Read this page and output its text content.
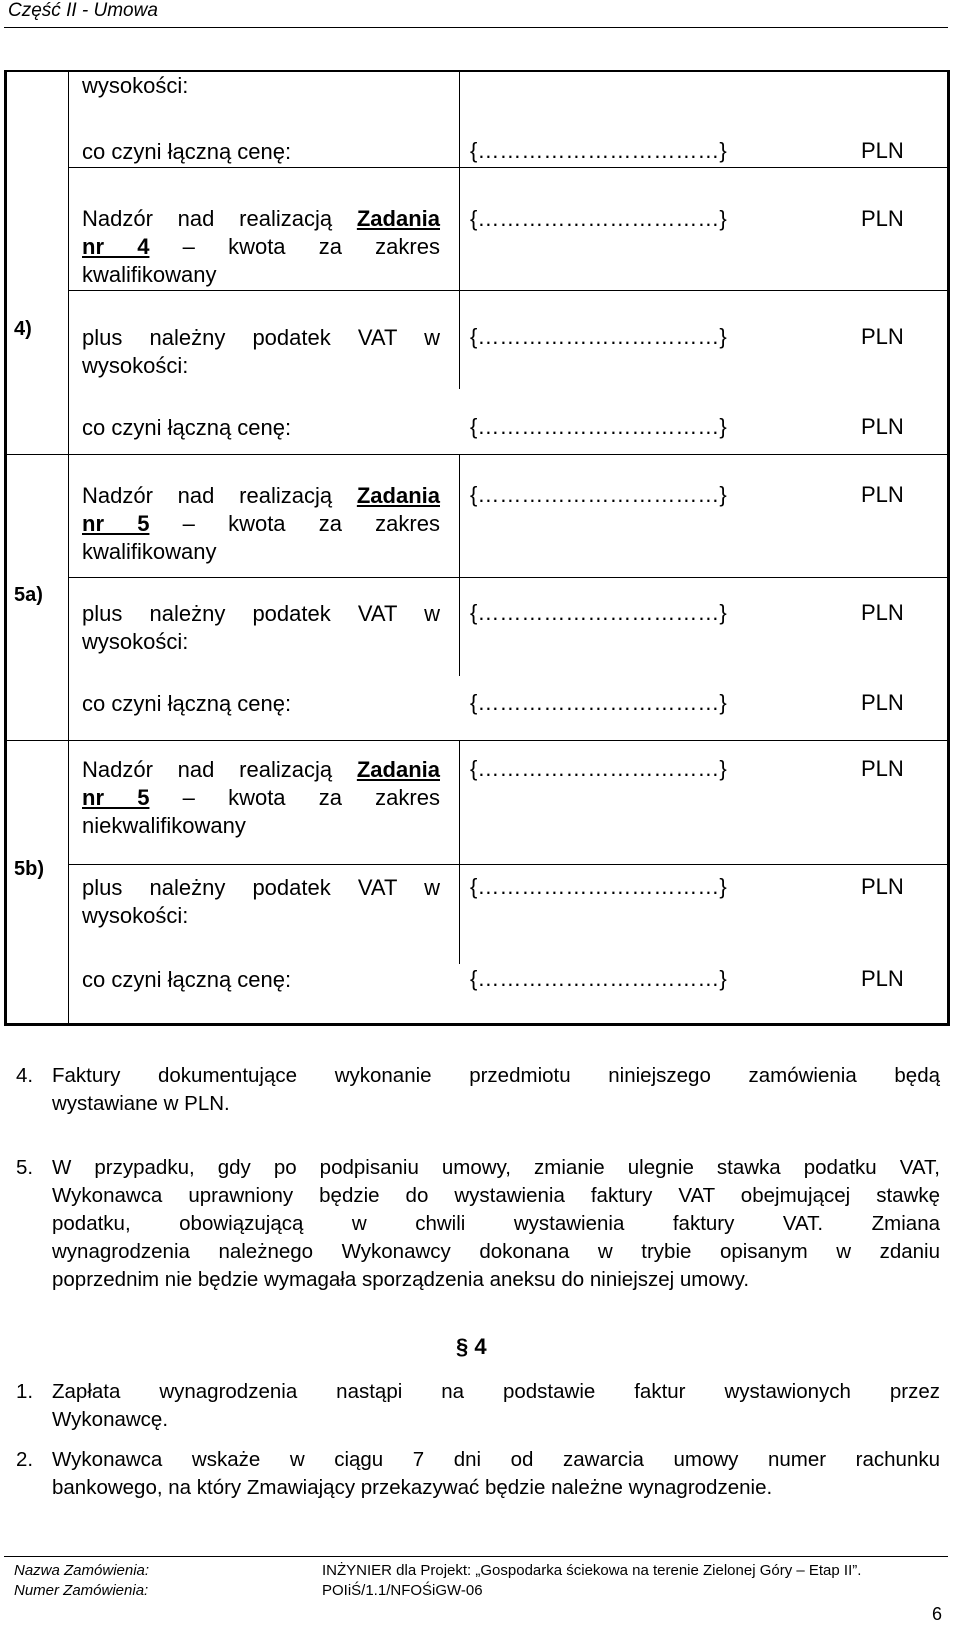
Część II - Umowa
wysokości:
co czyni łączną cenę:	{……………………………}	PLN
4)
Nadzór nad realizacją Zadania
nr 4 – kwota za zakres
kwalifikowany
{……………………………}	PLN
plus należny podatek VAT w
wysokości:
{……………………………}	PLN
co czyni łączną cenę:	{……………………………}	PLN
5a)
Nadzór nad realizacją Zadania
nr 5 – kwota za zakres
kwalifikowany
{……………………………}	PLN
plus należny podatek VAT w
wysokości:
{……………………………}	PLN
co czyni łączną cenę:	{……………………………}	PLN
5b)
Nadzór nad realizacją Zadania
nr 5 – kwota za zakres
niekwalifikowany
{……………………………}	PLN
plus należny podatek VAT w
wysokości:
{……………………………}	PLN
co czyni łączną cenę:	{……………………………}	PLN
4. Faktury dokumentujące wykonanie przedmiotu niniejszego zamówienia będą
wystawiane w PLN.
5. W przypadku, gdy po podpisaniu umowy, zmianie ulegnie stawka podatku VAT,
Wykonawca uprawniony będzie do wystawienia faktury VAT obejmującej stawkę
podatku, obowiązującą w chwili wystawienia faktury VAT. Zmiana
wynagrodzenia należnego Wykonawcy dokonana w trybie opisanym w zdaniu
poprzednim nie będzie wymagała sporządzenia aneksu do niniejszej umowy.
§ 4
1. Zapłata wynagrodzenia nastąpi na podstawie faktur wystawionych przez
Wykonawcę.
2. Wykonawca wskaże w ciągu 7 dni od zawarcia umowy numer rachunku
bankowego, na który Zmawiający przekazywać będzie należne wynagrodzenie.
Nazwa Zamówienia:
Numer Zamówienia:
INŻYNIER dla Projekt: „Gospodarka ściekowa na terenie Zielonej Góry – Etap II”.
POIiŚ/1.1/NFOŚiGW-06
6
